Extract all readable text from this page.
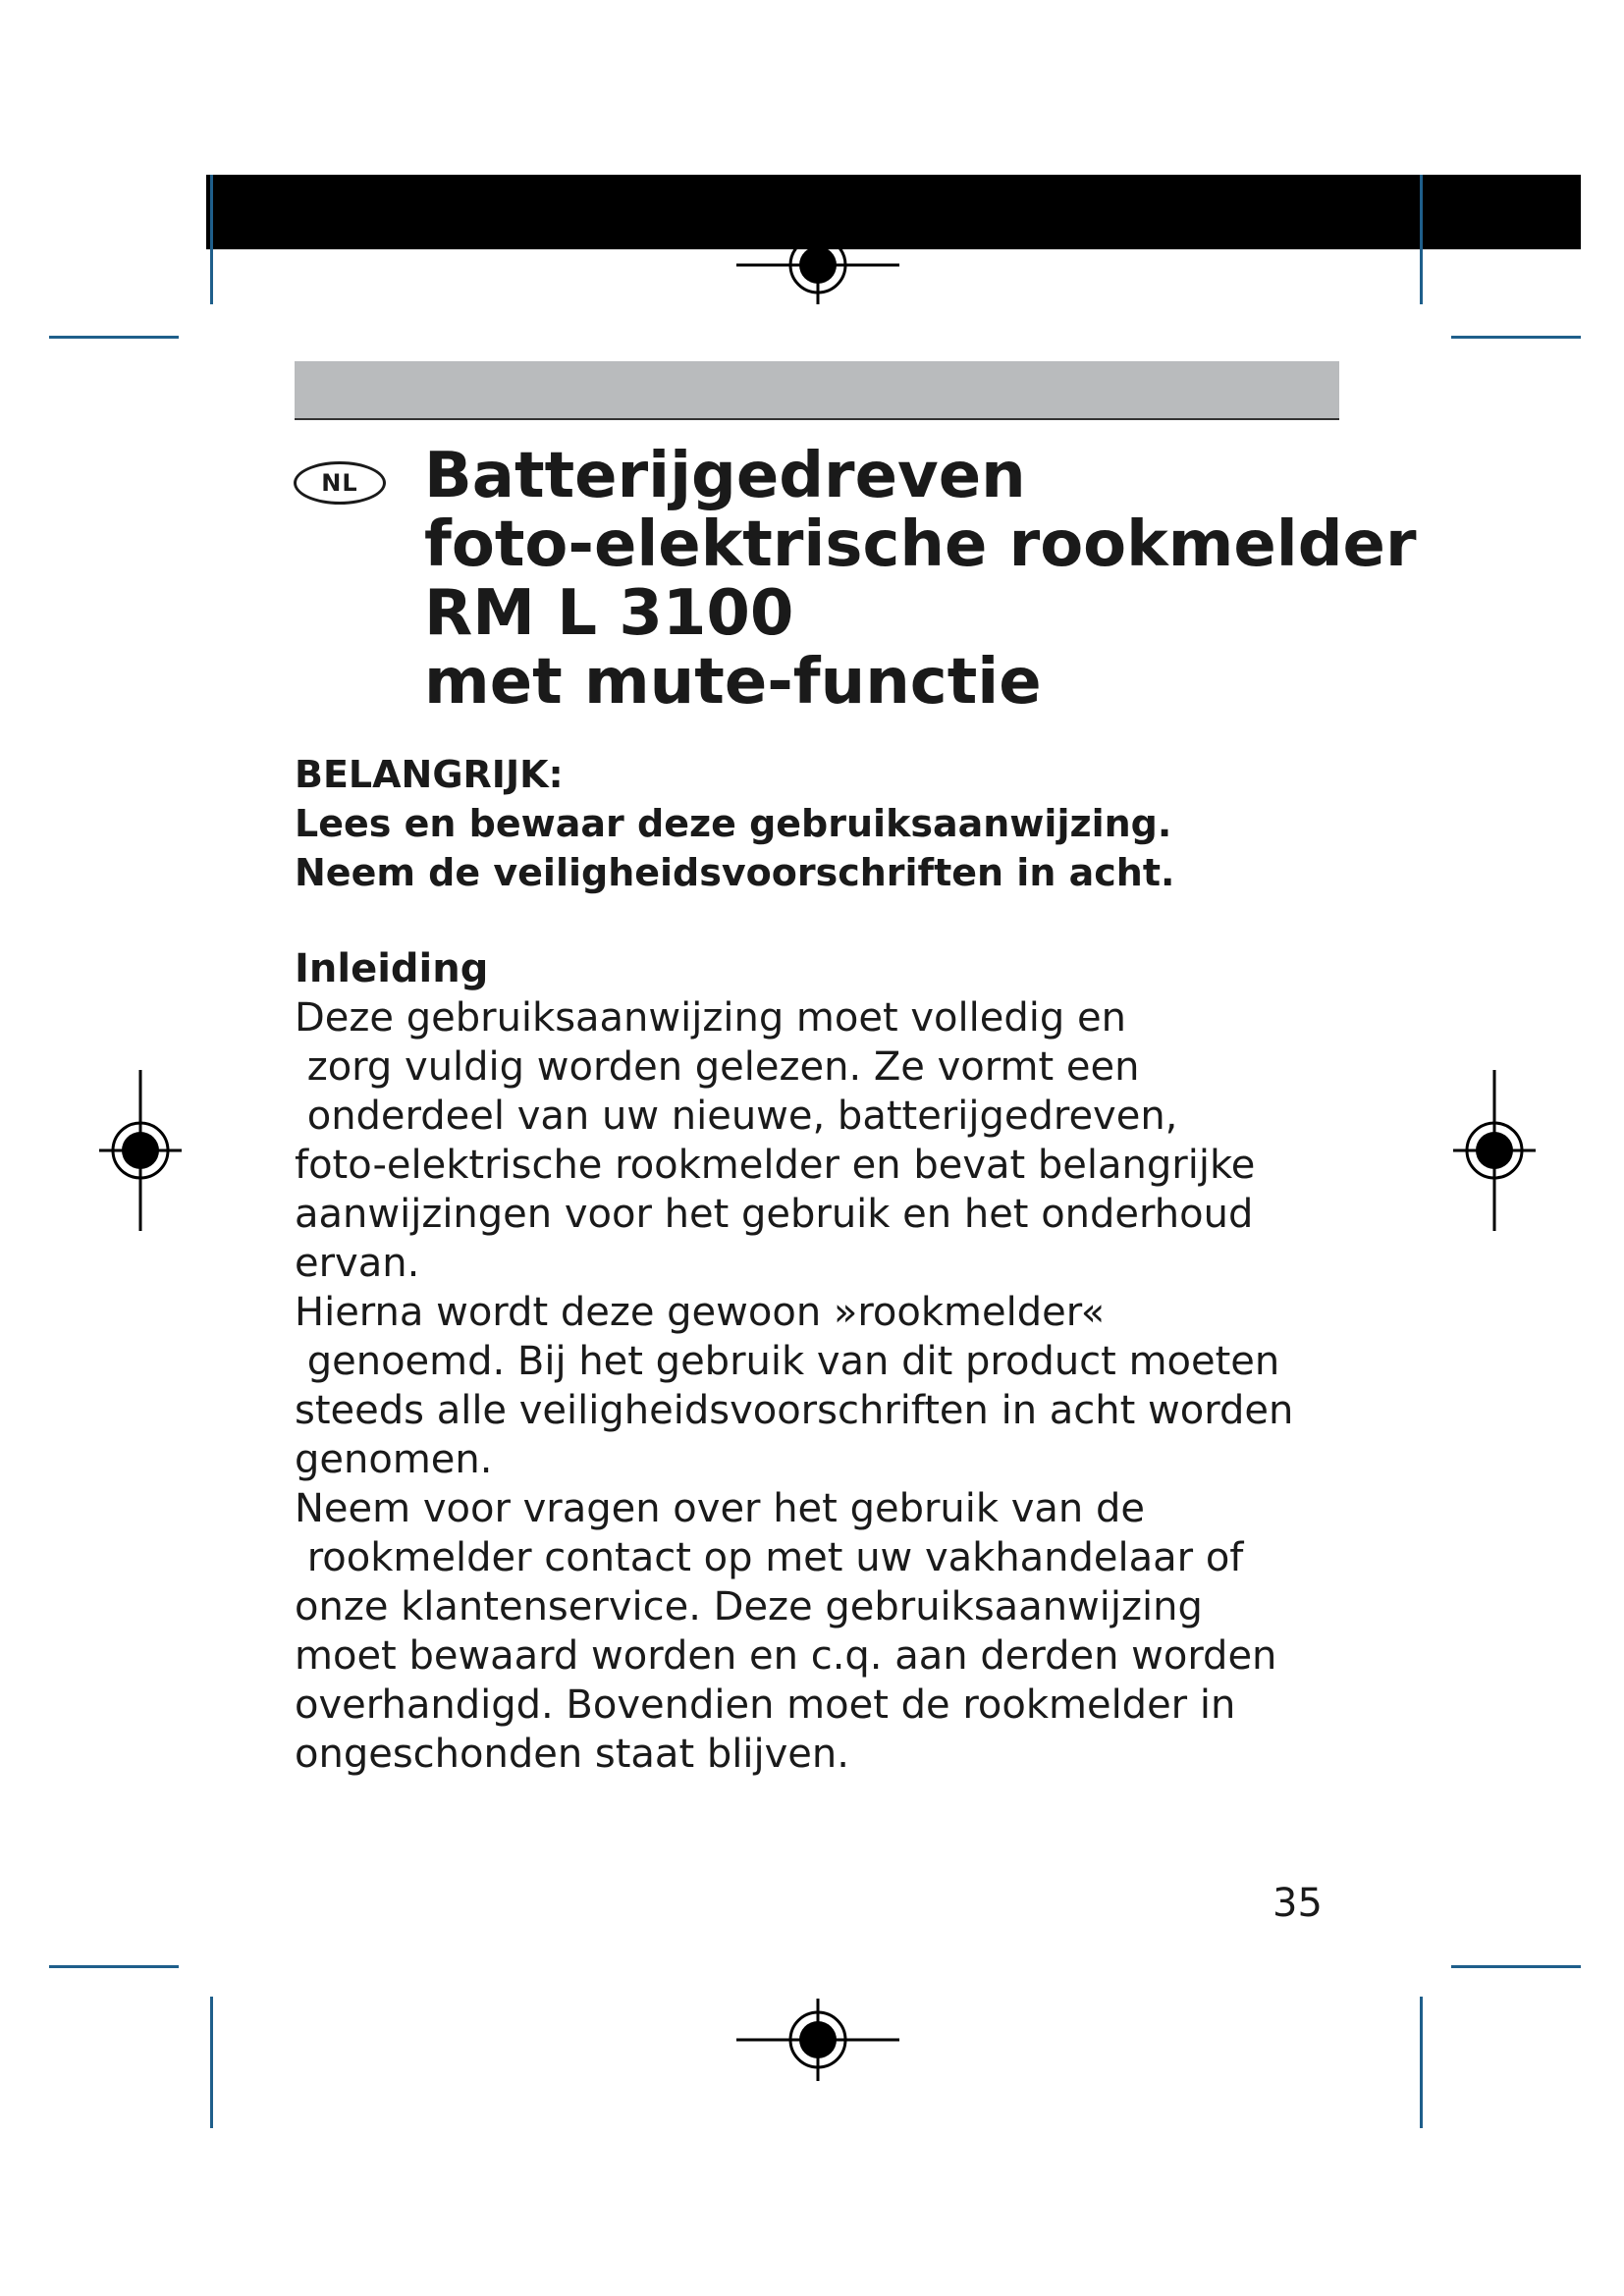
NL Batterijgedreven
foto-elektrische rookmelder
RM L 3100
met mute-functie
BELANGRIJK:
Lees en bewaar deze gebruiksaanwijzing.
Neem de veiligheidsvoorschriften in acht.
Inleiding
Deze gebruiksaanwijzing moet volledig en
zorg vuldig worden gelezen. Ze vormt een
onderdeel van uw nieuwe, batterijgedreven,
foto-elektrische rookmelder en bevat belangrijke
aanwijzingen voor het gebruik en het onderhoud
ervan.
Hierna wordt deze gewoon »rookmelder«
genoemd. Bij het gebruik van dit product moeten
steeds alle veiligheidsvoorschriften in acht worden
genomen.
Neem voor vragen over het gebruik van de
rookmelder contact op met uw vakhandelaar of
onze klantenservice. Deze gebruiksaanwijzing
moet bewaard worden en c.q. aan derden worden
overhandigd. Bovendien moet de rookmelder in
ongeschonden staat blijven.
35
